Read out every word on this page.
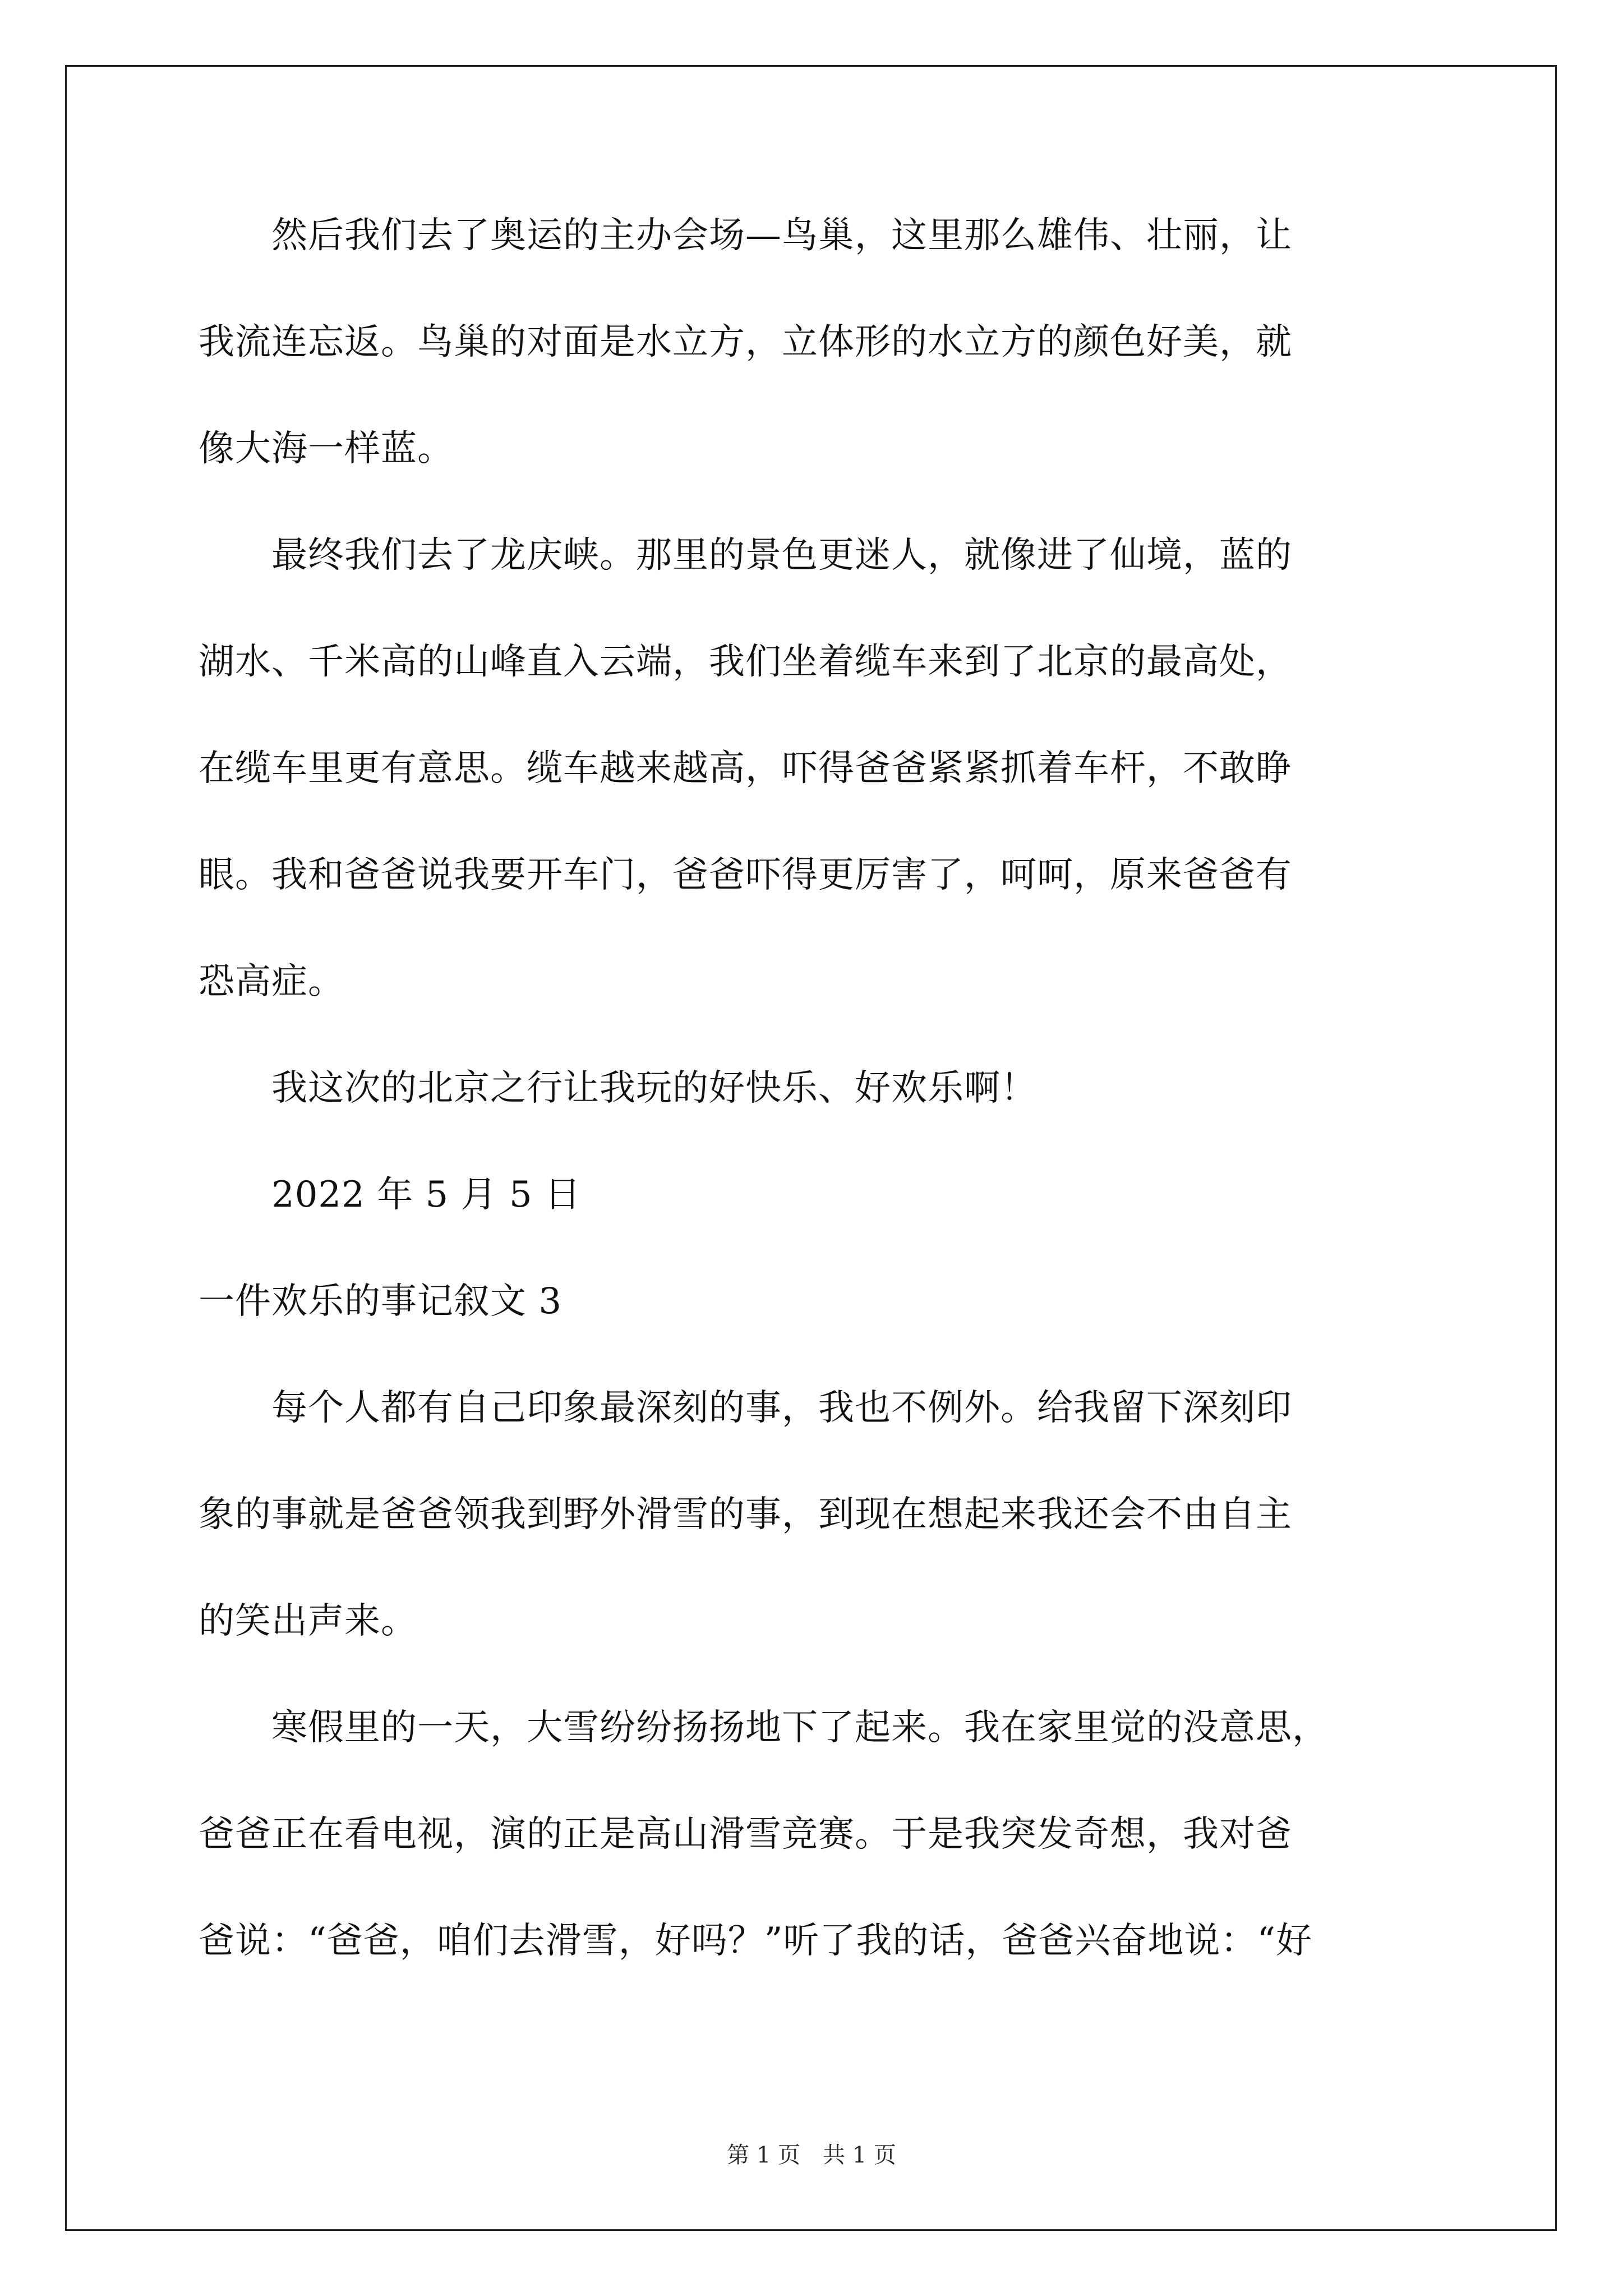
　　然后我们去了奥运的主办会场—鸟巢，这里那么雄伟、壮丽，让
我流连忘返。鸟巢的对面是水立方，立体形的水立方的颜色好美，就
像大海一样蓝。
　　最终我们去了龙庆峡。那里的景色更迷人，就像进了仙境，蓝的
湖水、千米高的山峰直入云端，我们坐着缆车来到了北京的最高处，
在缆车里更有意思。缆车越来越高，吓得爸爸紧紧抓着车杆，不敢睁
眼。我和爸爸说我要开车门，爸爸吓得更厉害了，呵呵，原来爸爸有
恐高症。
　　我这次的北京之行让我玩的好快乐、好欢乐啊！
　　2022 年 5 月 5 日
一件欢乐的事记叙文 3
　　每个人都有自己印象最深刻的事，我也不例外。给我留下深刻印
象的事就是爸爸领我到野外滑雪的事，到现在想起来我还会不由自主
的笑出声来。
　　寒假里的一天，大雪纷纷扬扬地下了起来。我在家里觉的没意思，
爸爸正在看电视，演的正是高山滑雪竞赛。于是我突发奇想，我对爸
爸说：“爸爸，咱们去滑雪，好吗？”听了我的话，爸爸兴奋地说：“好
第 1 页　共 1 页
